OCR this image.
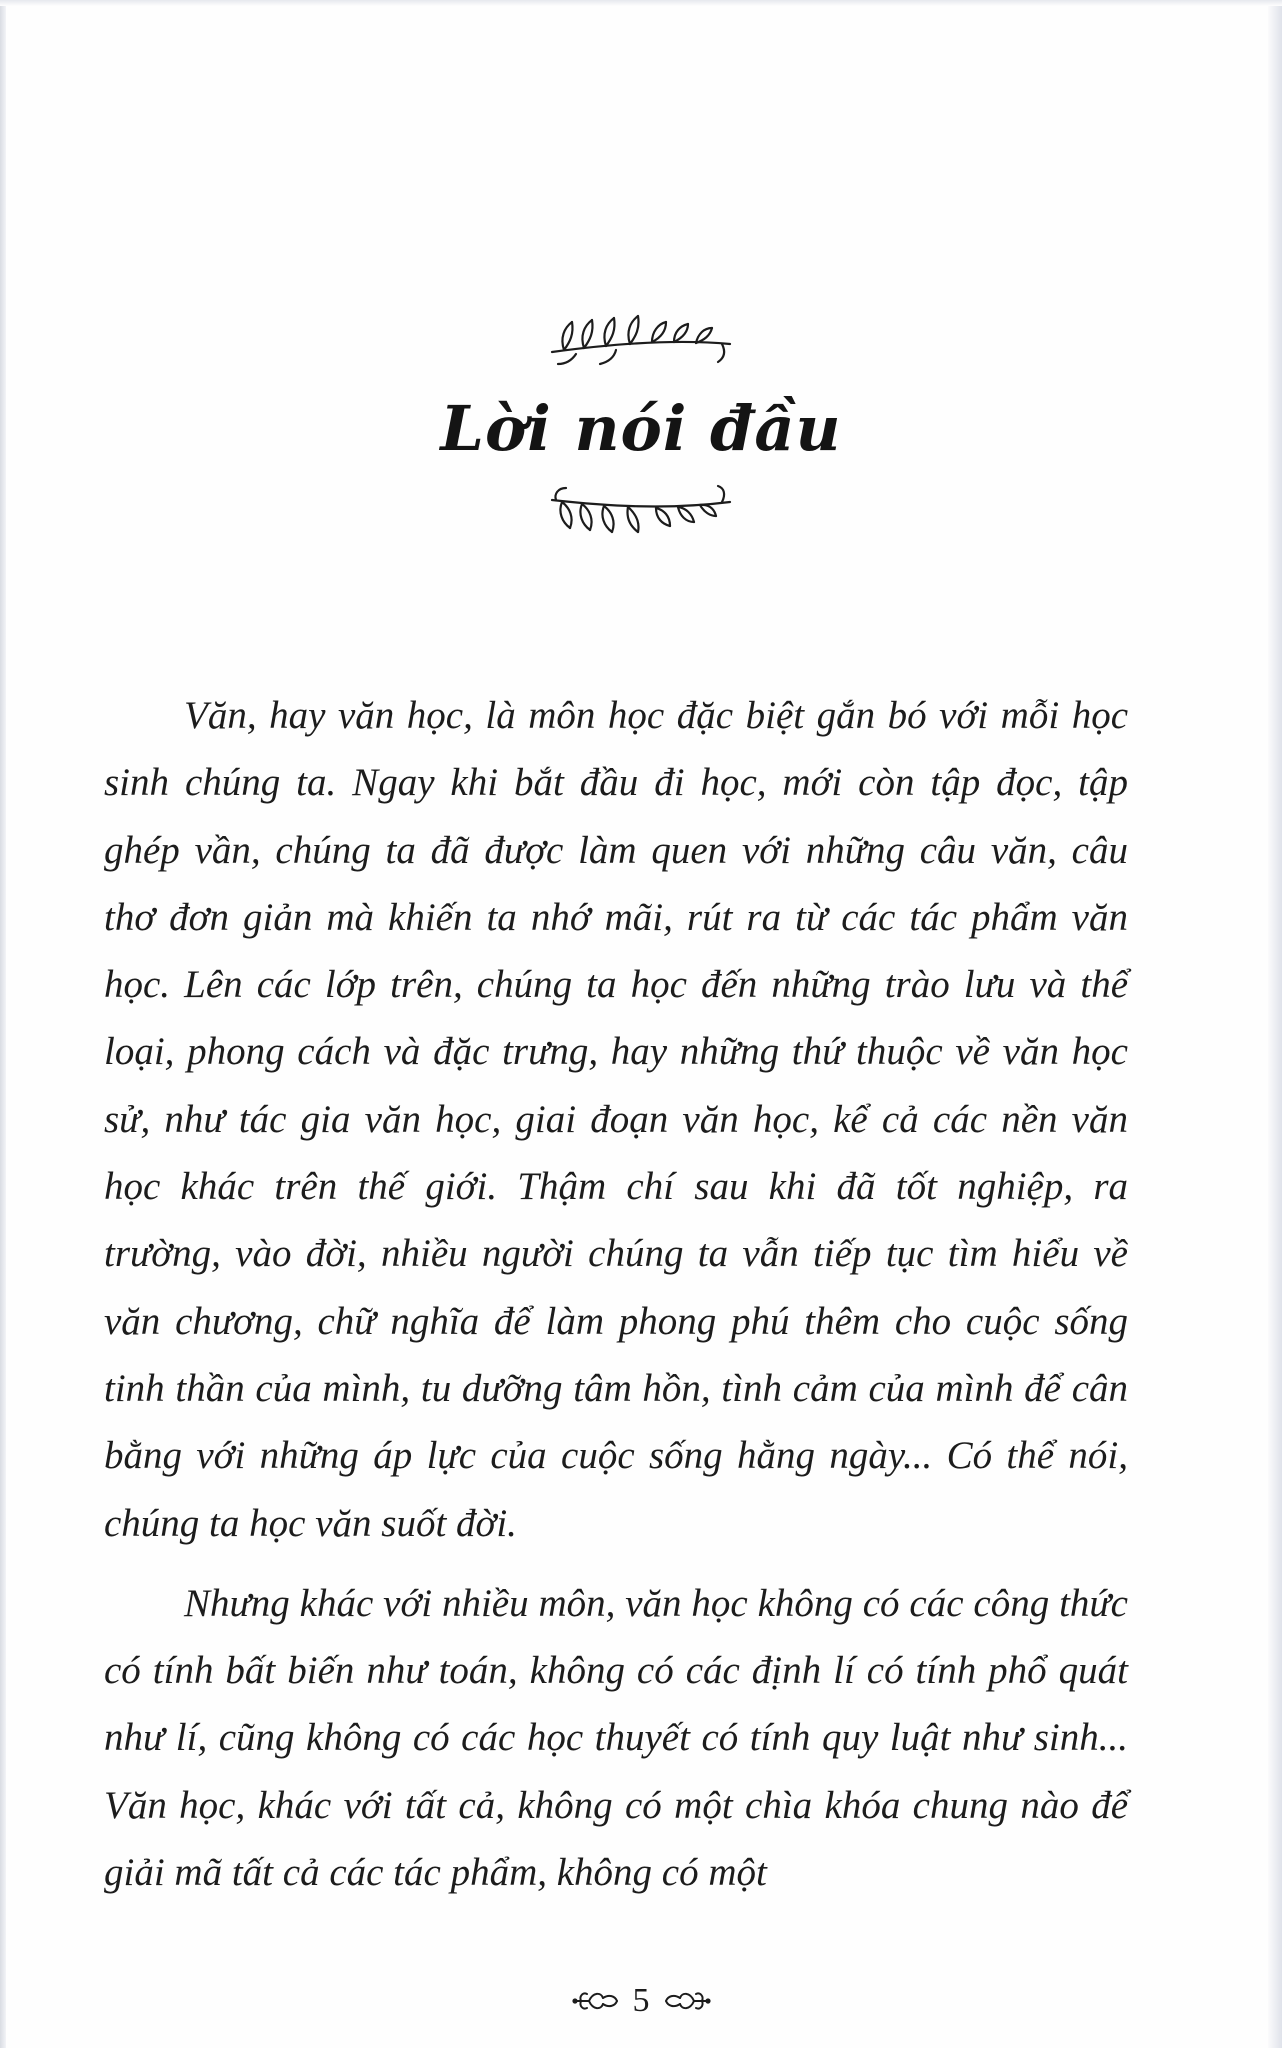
Lời nói đầu

Văn, hay văn học, là môn học đặc biệt gắn bó với mỗi học sinh chúng ta. Ngay khi bắt đầu đi học, mới còn tập đọc, tập ghép vần, chúng ta đã được làm quen với những câu văn, câu thơ đơn giản mà khiến ta nhớ mãi, rút ra từ các tác phẩm văn học. Lên các lớp trên, chúng ta học đến những trào lưu và thể loại, phong cách và đặc trưng, hay những thứ thuộc về văn học sử, như tác gia văn học, giai đoạn văn học, kể cả các nền văn học khác trên thế giới. Thậm chí sau khi đã tốt nghiệp, ra trường, vào đời, nhiều người chúng ta vẫn tiếp tục tìm hiểu về văn chương, chữ nghĩa để làm phong phú thêm cho cuộc sống tinh thần của mình, tu dưỡng tâm hồn, tình cảm của mình để cân bằng với những áp lực của cuộc sống hằng ngày... Có thể nói, chúng ta học văn suốt đời.

Nhưng khác với nhiều môn, văn học không có các công thức có tính bất biến như toán, không có các định lí có tính phổ quát như lí, cũng không có các học thuyết có tính quy luật như sinh... Văn học, khác với tất cả, không có một chìa khóa chung nào để giải mã tất cả các tác phẩm, không có một

5
